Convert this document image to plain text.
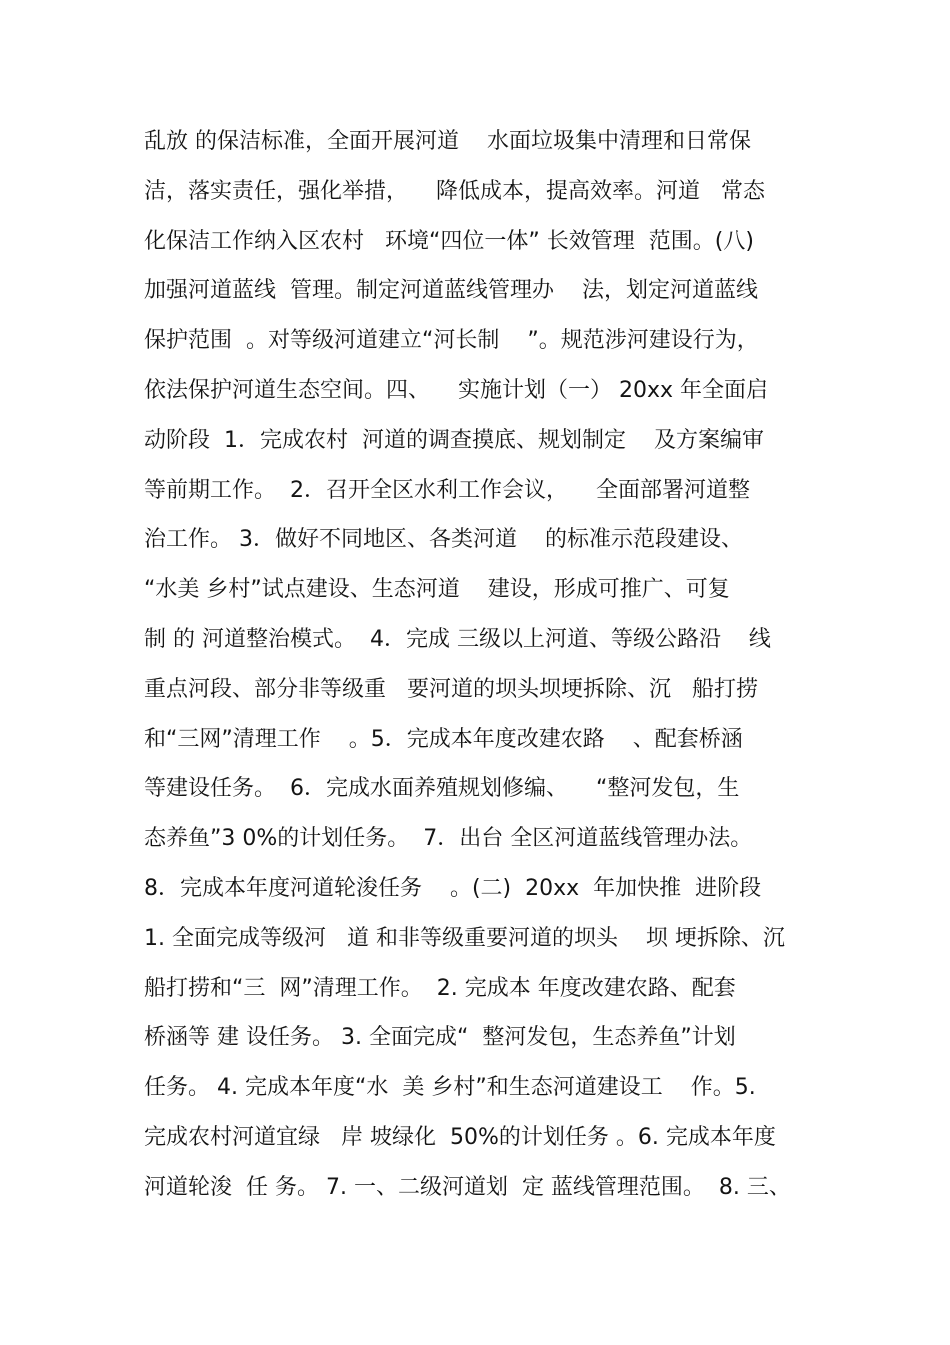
乱放 的保洁标准，全面开展河道    水面垃圾集中清理和日常保
洁，落实责任，强化举措，    降低成本，提高效率。河道   常态
化保洁工作纳入区农村   环境“四位一体” 长效管理  范围。(八)
加强河道蓝线  管理。制定河道蓝线管理办    法，划定河道蓝线
保护范围  。对等级河道建立“河长制    ”。规范涉河建设行为，
依法保护河道生态空间。四、    实施计划（一） 20xx 年全面启
动阶段  1．完成农村  河道的调查摸底、规划制定    及方案编审
等前期工作。  2．召开全区水利工作会议，    全面部署河道整
治工作。 3．做好不同地区、各类河道    的标准示范段建设、
“水美 乡村”试点建设、生态河道    建设，形成可推广、可复
制 的 河道整治模式。  4．完成 三级以上河道、等级公路沿    线
重点河段、部分非等级重   要河道的坝头坝埂拆除、沉   船打捞
和“三网”清理工作    。5．完成本年度改建农路    、配套桥涵
等建设任务。  6．完成水面养殖规划修编、    “整河发包，生
态养鱼”3 0%的计划任务。  7．出台 全区河道蓝线管理办法。
8．完成本年度河道轮浚任务    。(二)  20xx  年加快推  进阶段
1. 全面完成等级河   道 和非等级重要河道的坝头    坝 埂拆除、沉
船打捞和“三  网”清理工作。  2. 完成本 年度改建农路、配套
桥涵等 建 设任务。 3. 全面完成“  整河发包，生态养鱼”计划
任务。 4. 完成本年度“水  美 乡村”和生态河道建设工    作。5.
完成农村河道宜绿   岸 坡绿化  50%的计划任务 。6. 完成本年度
河道轮浚  任 务。 7. 一、二级河道划  定 蓝线管理范围。  8. 三、
